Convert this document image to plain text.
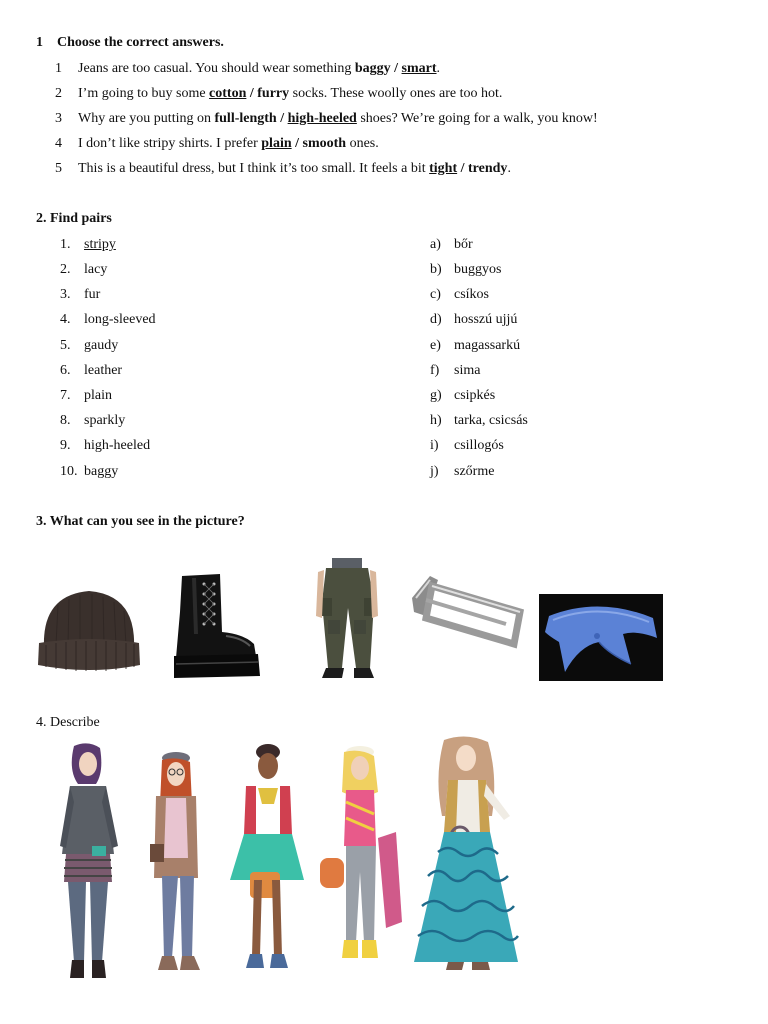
1 Choose the correct answers.
1 Jeans are too casual. You should wear something baggy / smart.
2 I’m going to buy some cotton / furry socks. These woolly ones are too hot.
3 Why are you putting on full-length / high-heeled shoes? We’re going for a walk, you know!
4 I don’t like stripy shirts. I prefer plain / smooth ones.
5 This is a beautiful dress, but I think it’s too small. It feels a bit tight / trendy.
2. Find pairs
1. stripy
2. lacy
3. fur
4. long-sleeved
5. gaudy
6. leather
7. plain
8. sparkly
9. high-heeled
10. baggy
a) bőr
b) buggyos
c) csíkos
d) hosszú ujjú
e) magassarkú
f) sima
g) csipkés
h) tarka, csicsás
i) csillogós
j) szőrme
3. What can you see in the picture?
4. Describe
